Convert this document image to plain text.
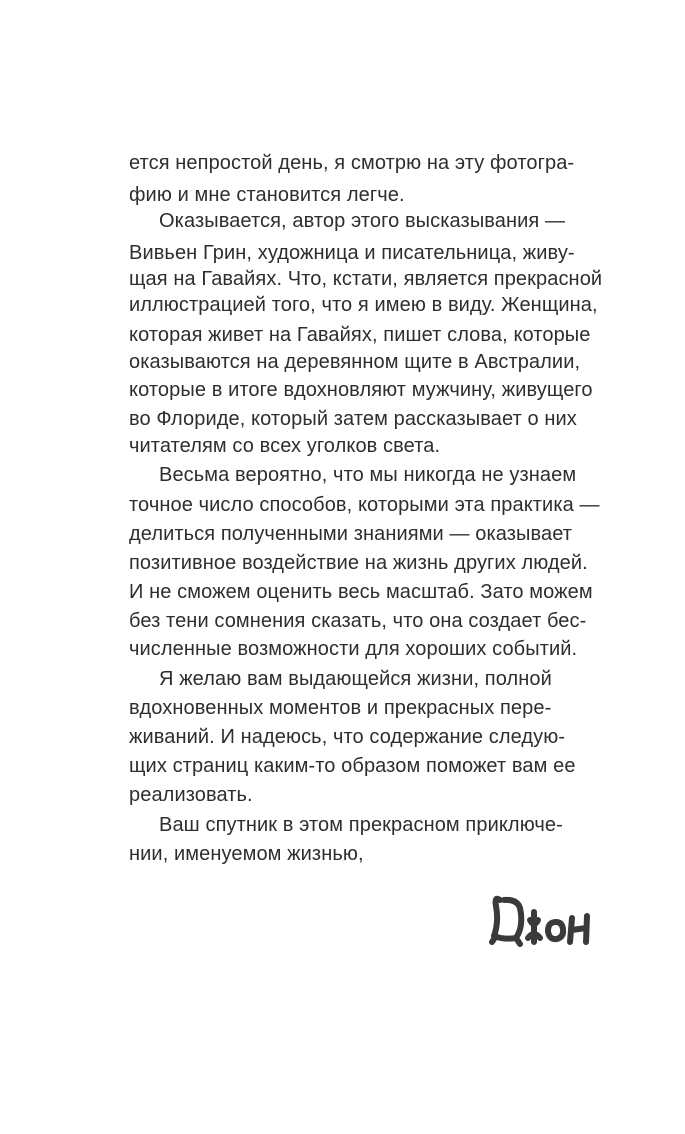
ется непростой день, я смотрю на эту фотогра-
фию и мне становится легче.
Оказывается, автор этого высказывания —
Вивьен Грин, художница и писательница, живу-
щая на Гавайях. Что, кстати, является прекрасной
иллюстрацией того, что я имею в виду. Женщина,
которая живет на Гавайях, пишет слова, которые
оказываются на деревянном щите в Австралии,
которые в итоге вдохновляют мужчину, живущего
во Флориде, который затем рассказывает о них
читателям со всех уголков света.
Весьма вероятно, что мы никогда не узнаем
точное число способов, которыми эта практика —
делиться полученными знаниями — оказывает
позитивное воздействие на жизнь других людей.
И не сможем оценить весь масштаб. Зато можем
без тени сомнения сказать, что она создает бес-
численные возможности для хороших событий.
Я желаю вам выдающейся жизни, полной
вдохновенных моментов и прекрасных пере-
живаний. И надеюсь, что содержание следую-
щих страниц каким-то образом поможет вам ее
реализовать.
Ваш спутник в этом прекрасном приключе-
нии, именуемом жизнью,
